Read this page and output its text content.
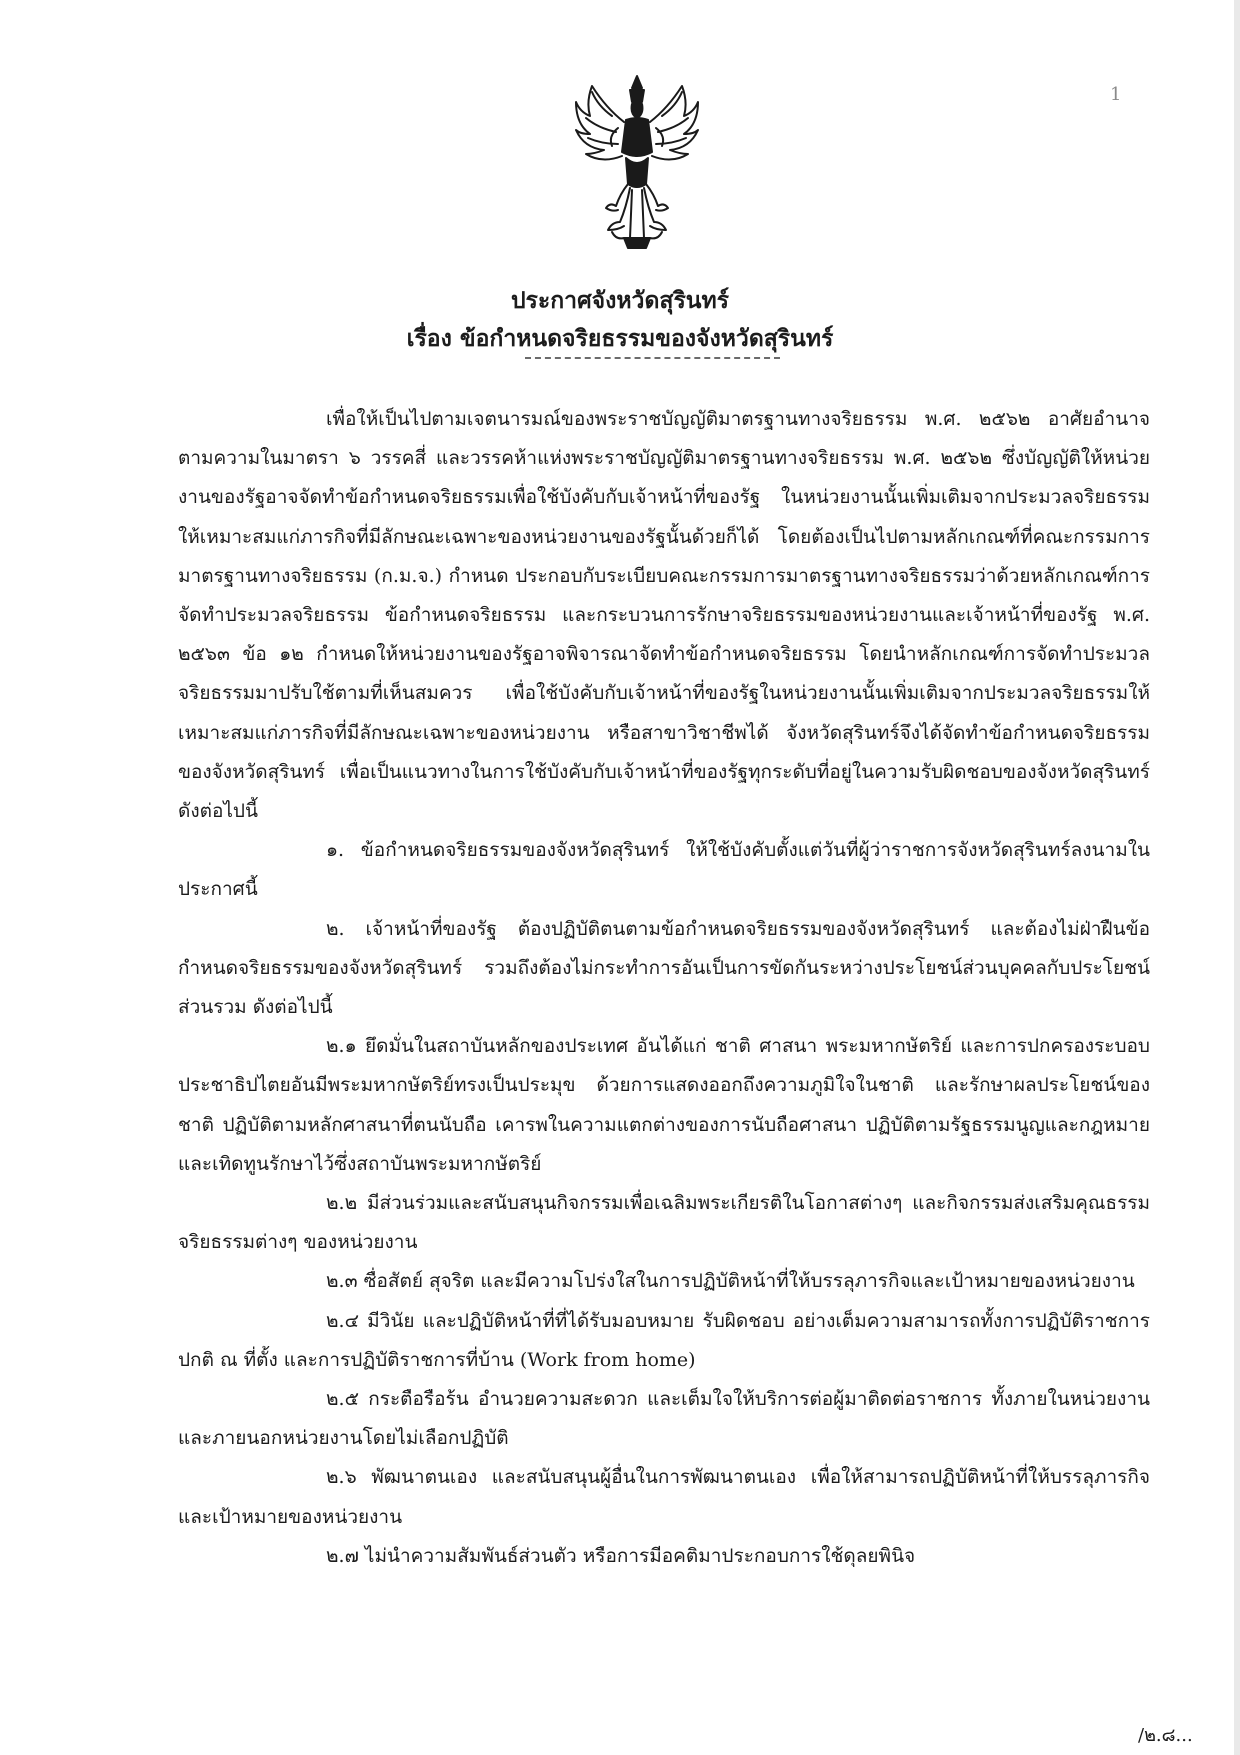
1
ประกาศจังหวัดสุรินทร์
เรื่อง ข้อกำหนดจริยธรรมของจังหวัดสุรินทร์

เพื่อให้เป็นไปตามเจตนารมณ์ของพระราชบัญญัติมาตรฐานทางจริยธรรม พ.ศ. ๒๕๖๒ อาศัยอำนาจตามความในมาตรา ๖ วรรคสี่ และวรรคห้าแห่งพระราชบัญญัติมาตรฐานทางจริยธรรม พ.ศ. ๒๕๖๒ ซึ่งบัญญัติให้หน่วยงานของรัฐอาจจัดทำข้อกำหนดจริยธรรมเพื่อใช้บังคับกับเจ้าหน้าที่ของรัฐ ในหน่วยงานนั้นเพิ่มเติมจากประมวลจริยธรรมให้เหมาะสมแก่ภารกิจที่มีลักษณะเฉพาะของหน่วยงานของรัฐนั้นด้วยก็ได้ โดยต้องเป็นไปตามหลักเกณฑ์ที่คณะกรรมการมาตรฐานทางจริยธรรม (ก.ม.จ.) กำหนด ประกอบกับระเบียบคณะกรรมการมาตรฐานทางจริยธรรมว่าด้วยหลักเกณฑ์การจัดทำประมวลจริยธรรม ข้อกำหนดจริยธรรม และกระบวนการรักษาจริยธรรมของหน่วยงานและเจ้าหน้าที่ของรัฐ พ.ศ. ๒๕๖๓ ข้อ ๑๒ กำหนดให้หน่วยงานของรัฐอาจพิจารณาจัดทำข้อกำหนดจริยธรรม โดยนำหลักเกณฑ์การจัดทำประมวลจริยธรรมมาปรับใช้ตามที่เห็นสมควร เพื่อใช้บังคับกับเจ้าหน้าที่ของรัฐในหน่วยงานนั้นเพิ่มเติมจากประมวลจริยธรรมให้เหมาะสมแก่ภารกิจที่มีลักษณะเฉพาะของหน่วยงาน หรือสาขาวิชาชีพได้ จังหวัดสุรินทร์จึงได้จัดทำข้อกำหนดจริยธรรมของจังหวัดสุรินทร์ เพื่อเป็นแนวทางในการใช้บังคับกับเจ้าหน้าที่ของรัฐทุกระดับที่อยู่ในความรับผิดชอบของจังหวัดสุรินทร์ ดังต่อไปนี้

๑. ข้อกำหนดจริยธรรมของจังหวัดสุรินทร์ ให้ใช้บังคับตั้งแต่วันที่ผู้ว่าราชการจังหวัดสุรินทร์ลงนามในประกาศนี้

๒. เจ้าหน้าที่ของรัฐ ต้องปฏิบัติตนตามข้อกำหนดจริยธรรมของจังหวัดสุรินทร์ และต้องไม่ฝ่าฝืนข้อกำหนดจริยธรรมของจังหวัดสุรินทร์ รวมถึงต้องไม่กระทำการอันเป็นการขัดกันระหว่างประโยชน์ส่วนบุคคลกับประโยชน์ส่วนรวม ดังต่อไปนี้

๒.๑ ยึดมั่นในสถาบันหลักของประเทศ อันได้แก่ ชาติ ศาสนา พระมหากษัตริย์ และการปกครองระบอบประชาธิปไตยอันมีพระมหากษัตริย์ทรงเป็นประมุข ด้วยการแสดงออกถึงความภูมิใจในชาติ และรักษาผลประโยชน์ของชาติ ปฏิบัติตามหลักศาสนาที่ตนนับถือ เคารพในความแตกต่างของการนับถือศาสนา ปฏิบัติตามรัฐธรรมนูญและกฎหมาย และเทิดทูนรักษาไว้ซึ่งสถาบันพระมหากษัตริย์

๒.๒ มีส่วนร่วมและสนับสนุนกิจกรรมเพื่อเฉลิมพระเกียรติในโอกาสต่างๆ และกิจกรรมส่งเสริมคุณธรรม จริยธรรมต่างๆ ของหน่วยงาน

๒.๓ ซื่อสัตย์ สุจริต และมีความโปร่งใสในการปฏิบัติหน้าที่ให้บรรลุภารกิจและเป้าหมายของหน่วยงาน

๒.๔ มีวินัย และปฏิบัติหน้าที่ที่ได้รับมอบหมาย รับผิดชอบ อย่างเต็มความสามารถทั้งการปฏิบัติราชการปกติ ณ ที่ตั้ง และการปฏิบัติราชการที่บ้าน (Work from home)

๒.๕ กระตือรือร้น อำนวยความสะดวก และเต็มใจให้บริการต่อผู้มาติดต่อราชการ ทั้งภายในหน่วยงาน และภายนอกหน่วยงานโดยไม่เลือกปฏิบัติ

๒.๖ พัฒนาตนเอง และสนับสนุนผู้อื่นในการพัฒนาตนเอง เพื่อให้สามารถปฏิบัติหน้าที่ให้บรรลุภารกิจและเป้าหมายของหน่วยงาน

๒.๗ ไม่นำความสัมพันธ์ส่วนตัว หรือการมีอคติมาประกอบการใช้ดุลยพินิจ

/๒.๘...
